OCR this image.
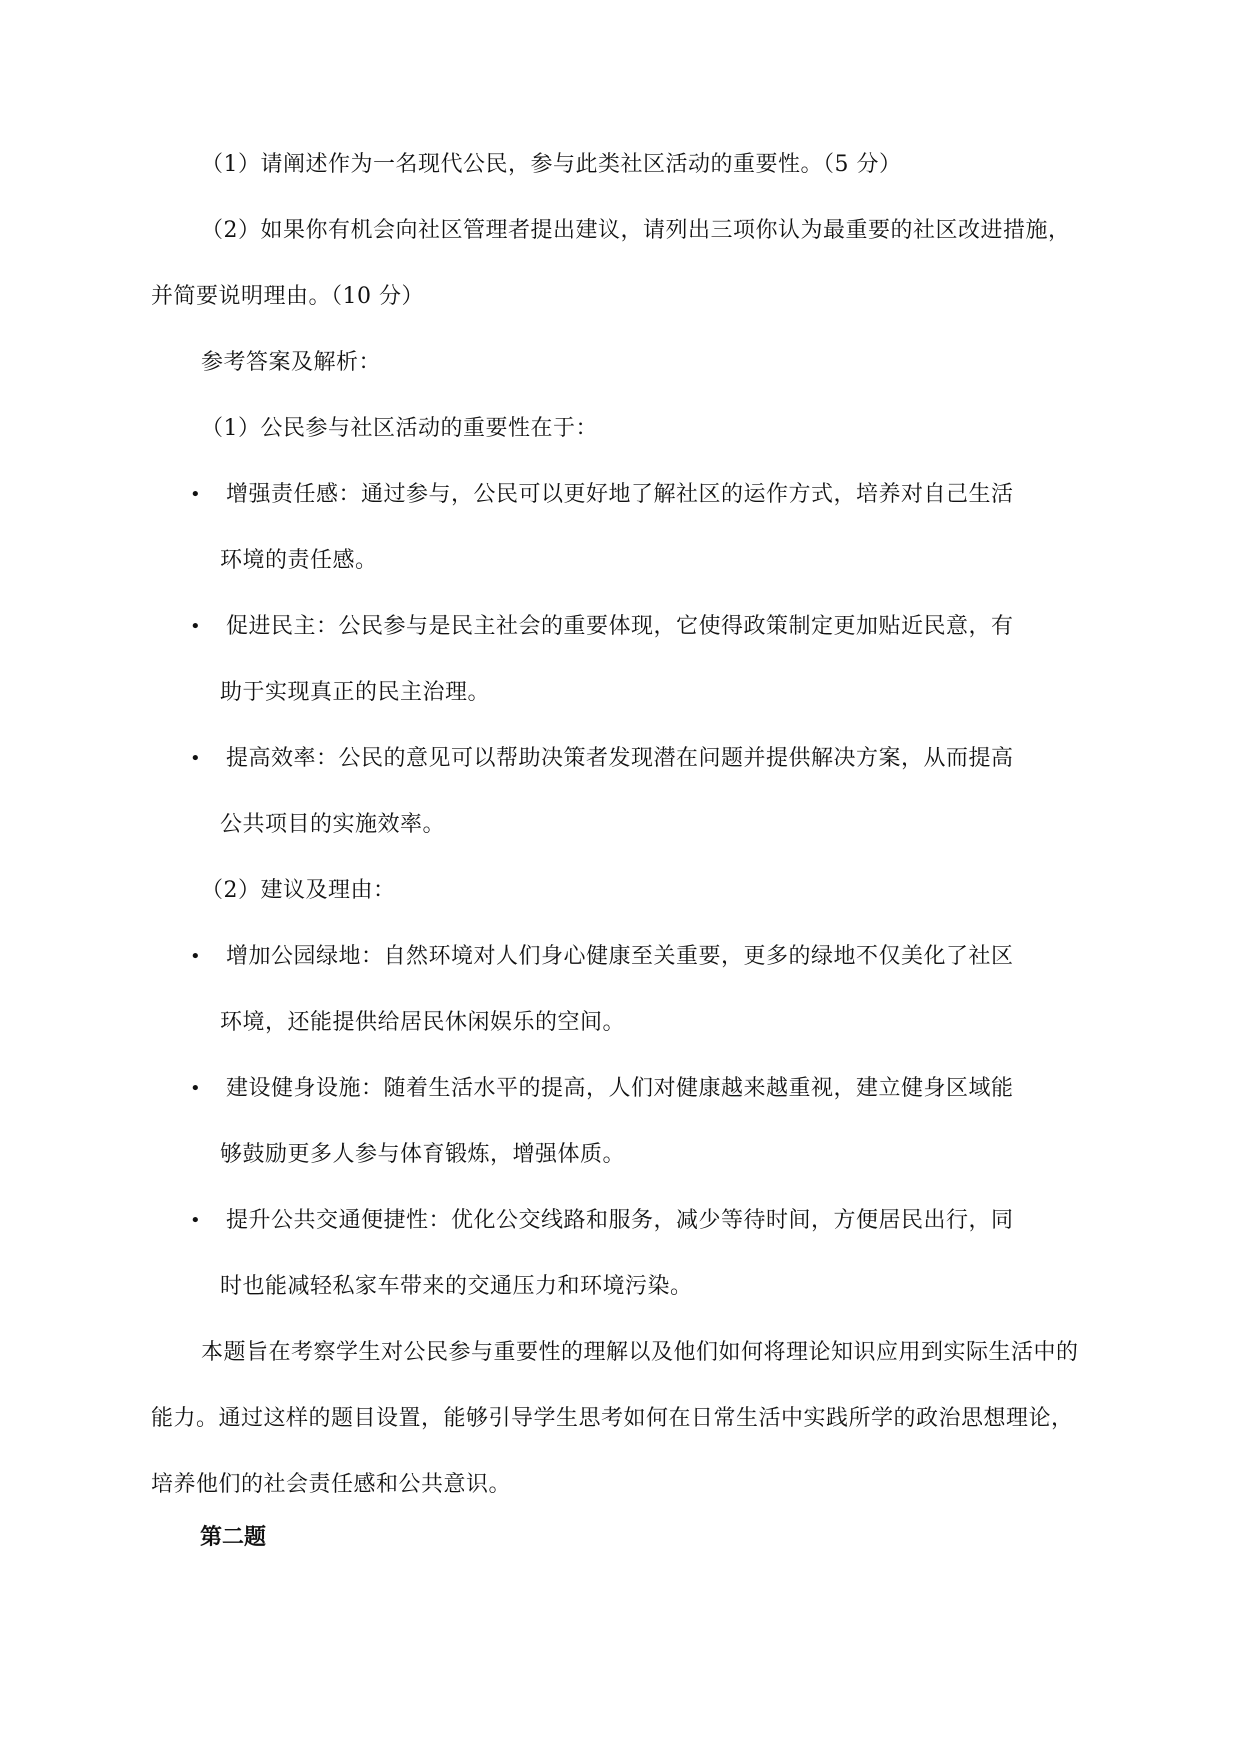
（1）请阐述作为一名现代公民，参与此类社区活动的重要性。（5 分）

（2）如果你有机会向社区管理者提出建议，请列出三项你认为最重要的社区改进措施，并简要说明理由。（10 分）

参考答案及解析：

（1）公民参与社区活动的重要性在于：

• 增强责任感：通过参与，公民可以更好地了解社区的运作方式，培养对自己生活
环境的责任感。
• 促进民主：公民参与是民主社会的重要体现，它使得政策制定更加贴近民意，有
助于实现真正的民主治理。
• 提高效率：公民的意见可以帮助决策者发现潜在问题并提供解决方案，从而提高
公共项目的实施效率。

（2）建议及理由：

• 增加公园绿地：自然环境对人们身心健康至关重要，更多的绿地不仅美化了社区
环境，还能提供给居民休闲娱乐的空间。
• 建设健身设施：随着生活水平的提高，人们对健康越来越重视，建立健身区域能
够鼓励更多人参与体育锻炼，增强体质。
• 提升公共交通便捷性：优化公交线路和服务，减少等待时间，方便居民出行，同
时也能减轻私家车带来的交通压力和环境污染。

本题旨在考察学生对公民参与重要性的理解以及他们如何将理论知识应用到实际生活中的能力。通过这样的题目设置，能够引导学生思考如何在日常生活中实践所学的政治思想理论，培养他们的社会责任感和公共意识。

第二题
